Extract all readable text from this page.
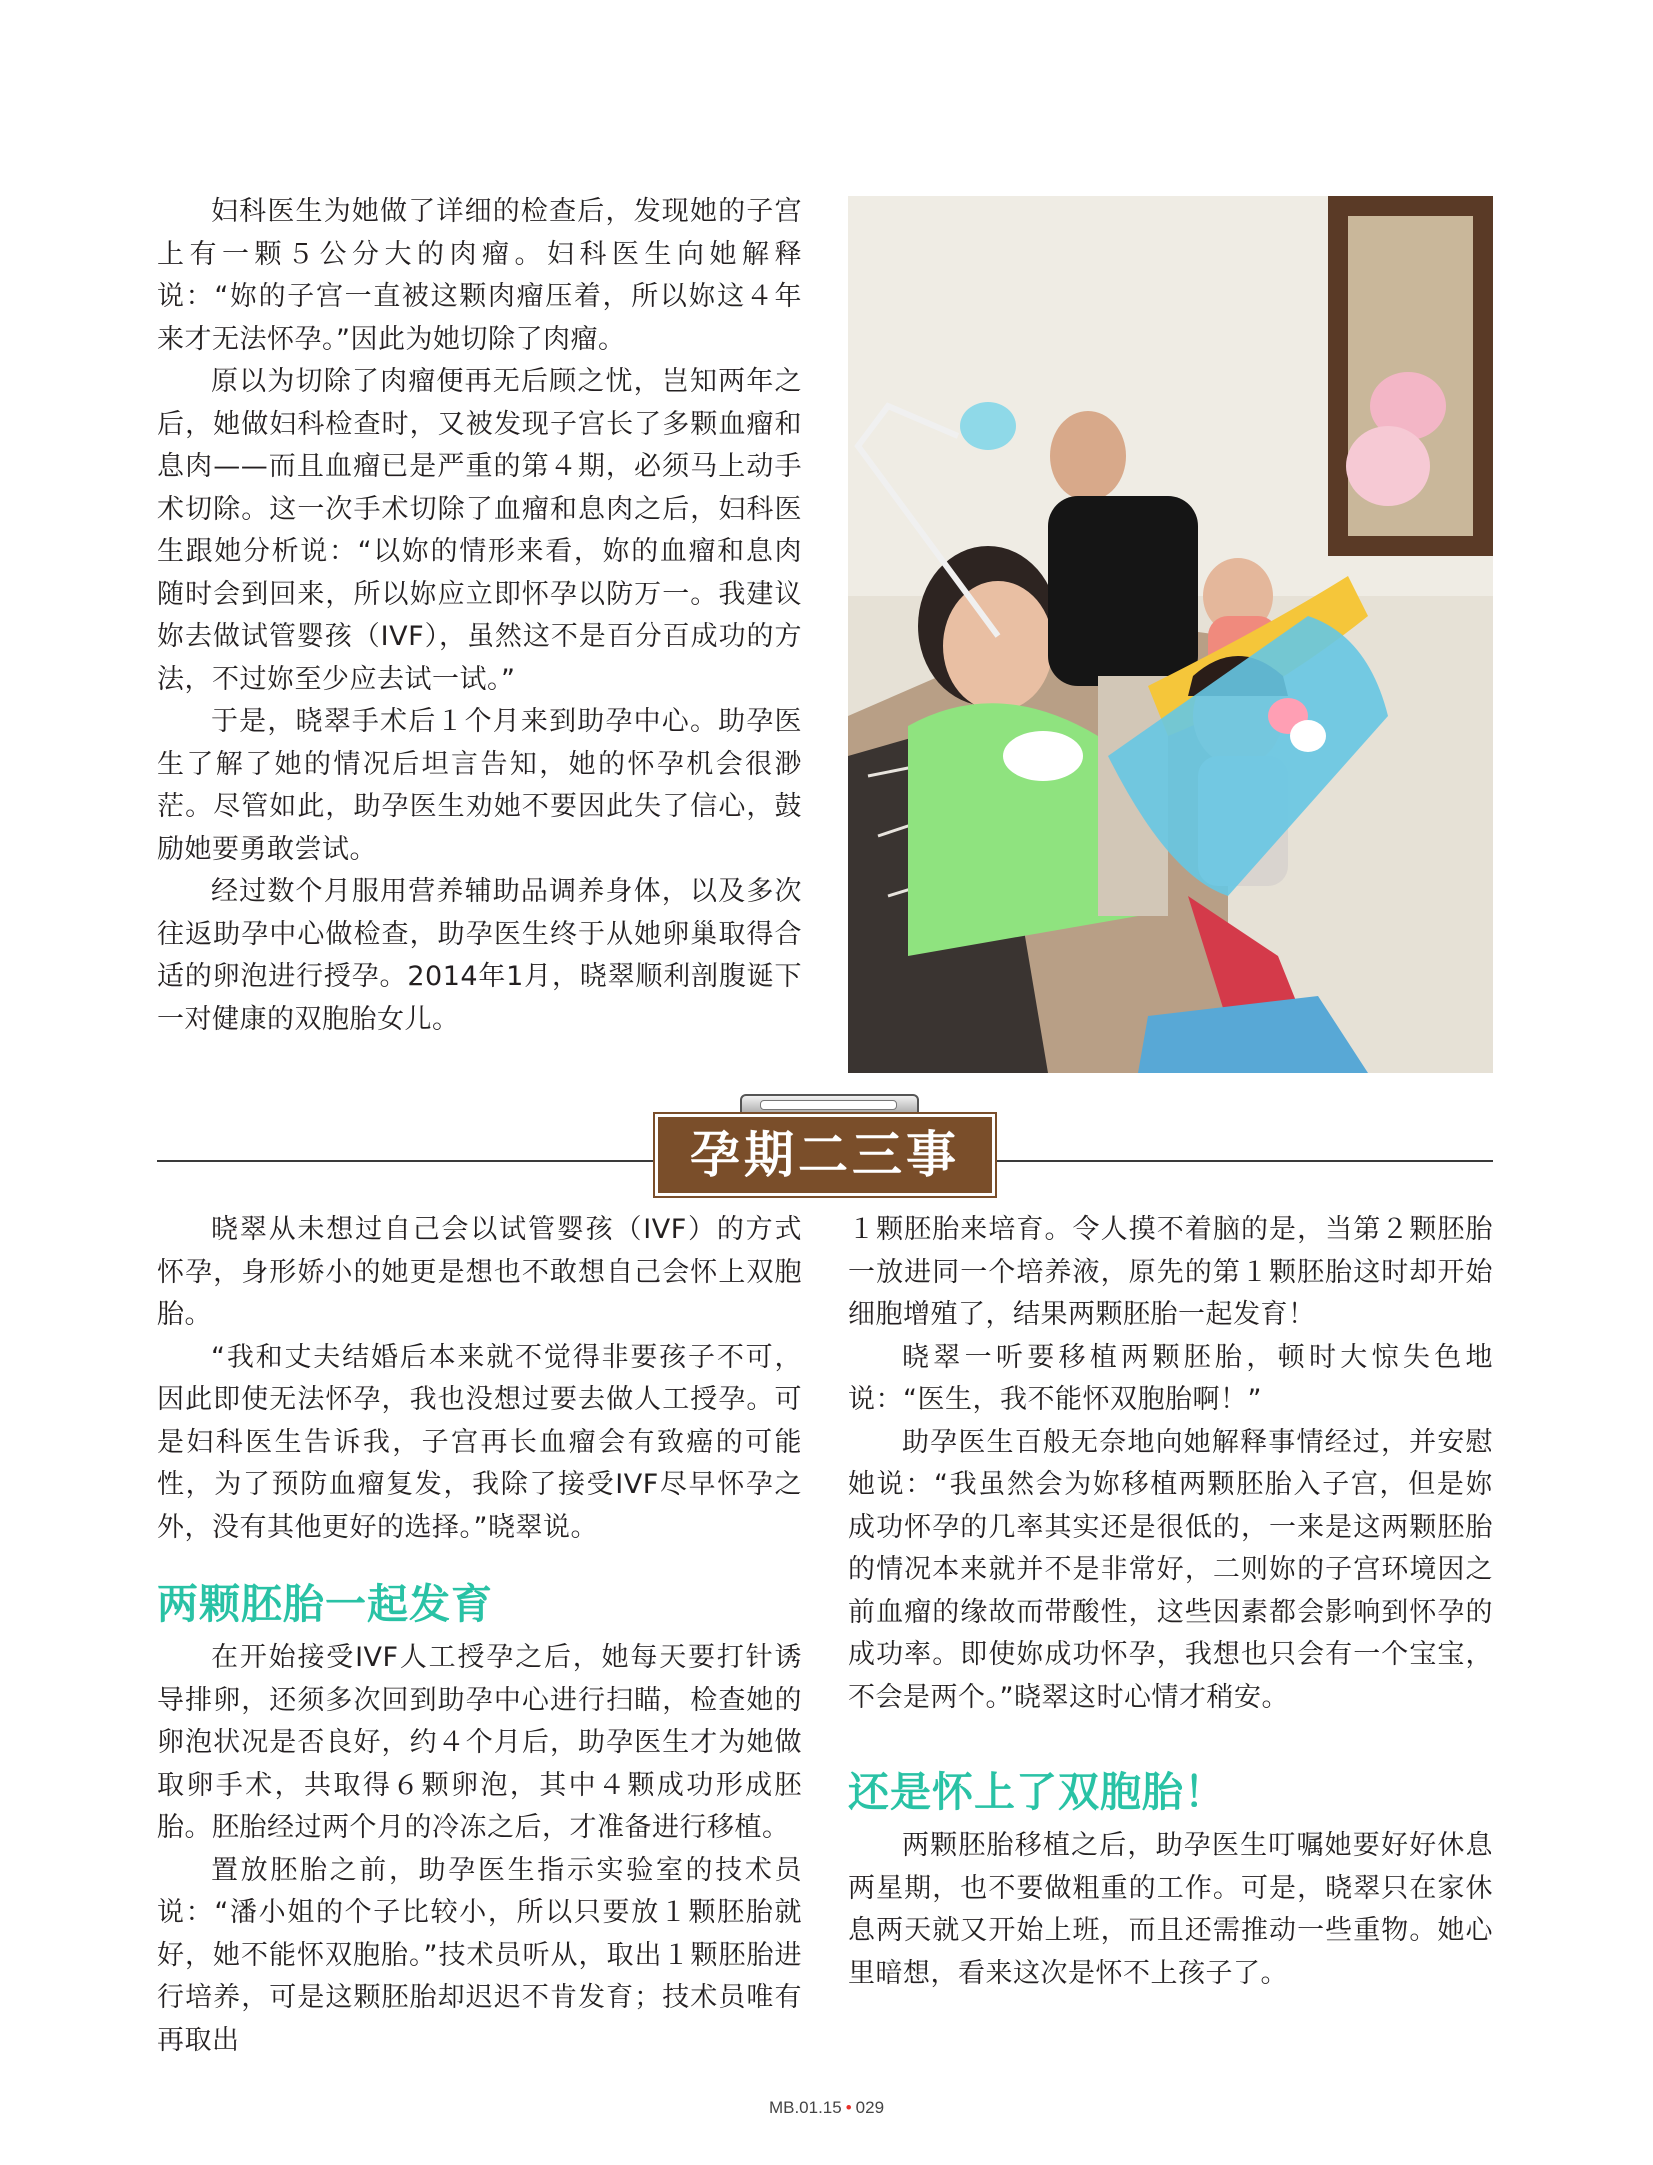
妇科医生为她做了详细的检查后，发现她的子宫上有一颗５公分大的肉瘤。妇科医生向她解释说：“妳的子宫一直被这颗肉瘤压着，所以妳这４年来才无法怀孕。”因此为她切除了肉瘤。

原以为切除了肉瘤便再无后顾之忧，岂知两年之后，她做妇科检查时，又被发现子宫长了多颗血瘤和息肉——而且血瘤已是严重的第４期，必须马上动手术切除。这一次手术切除了血瘤和息肉之后，妇科医生跟她分析说：“以妳的情形来看，妳的血瘤和息肉随时会到回来，所以妳应立即怀孕以防万一。我建议妳去做试管婴孩（IVF），虽然这不是百分百成功的方法，不过妳至少应去试一试。”

于是，晓翠手术后１个月来到助孕中心。助孕医生了解了她的情况后坦言告知，她的怀孕机会很渺茫。尽管如此，助孕医生劝她不要因此失了信心，鼓励她要勇敢尝试。

经过数个月服用营养辅助品调养身体，以及多次往返助孕中心做检查，助孕医生终于从她卵巢取得合适的卵泡进行授孕。2014年1月，晓翠顺利剖腹诞下一对健康的双胞胎女儿。

孕期二三事

晓翠从未想过自己会以试管婴孩（IVF）的方式怀孕，身形娇小的她更是想也不敢想自己会怀上双胞胎。

“我和丈夫结婚后本来就不觉得非要孩子不可，因此即使无法怀孕，我也没想过要去做人工授孕。可是妇科医生告诉我，子宫再长血瘤会有致癌的可能性，为了预防血瘤复发，我除了接受IVF尽早怀孕之外，没有其他更好的选择。”晓翠说。

两颗胚胎一起发育

在开始接受IVF人工授孕之后，她每天要打针诱导排卵，还须多次回到助孕中心进行扫瞄，检查她的卵泡状况是否良好，约４个月后，助孕医生才为她做取卵手术，共取得６颗卵泡，其中４颗成功形成胚胎。胚胎经过两个月的冷冻之后，才准备进行移植。

置放胚胎之前，助孕医生指示实验室的技术员说：“潘小姐的个子比较小，所以只要放１颗胚胎就好，她不能怀双胞胎。”技术员听从，取出１颗胚胎进行培养，可是这颗胚胎却迟迟不肯发育；技术员唯有再取出

１颗胚胎来培育。令人摸不着脑的是，当第２颗胚胎一放进同一个培养液，原先的第１颗胚胎这时却开始细胞增殖了，结果两颗胚胎一起发育！

晓翠一听要移植两颗胚胎，顿时大惊失色地说：“医生，我不能怀双胞胎啊！”

助孕医生百般无奈地向她解释事情经过，并安慰她说：“我虽然会为妳移植两颗胚胎入子宫，但是妳成功怀孕的几率其实还是很低的，一来是这两颗胚胎的情况本来就并不是非常好，二则妳的子宫环境因之前血瘤的缘故而带酸性，这些因素都会影响到怀孕的成功率。即使妳成功怀孕，我想也只会有一个宝宝，不会是两个。”晓翠这时心情才稍安。

还是怀上了双胞胎！

两颗胚胎移植之后，助孕医生叮嘱她要好好休息两星期，也不要做粗重的工作。可是，晓翠只在家休息两天就又开始上班，而且还需推动一些重物。她心里暗想，看来这次是怀不上孩子了。

MB.01.15 • 029
